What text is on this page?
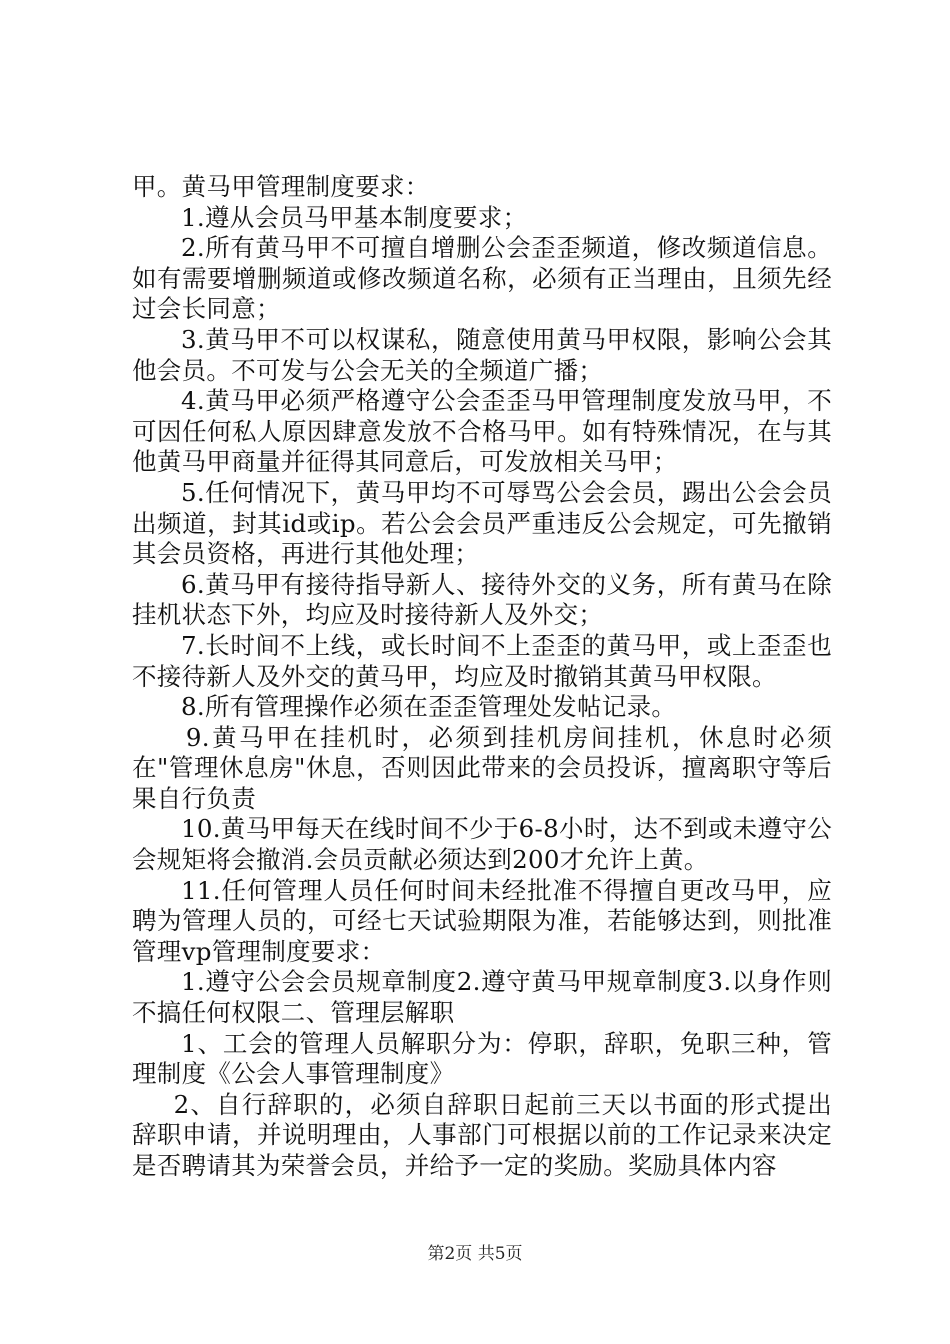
甲。黄马甲管理制度要求：

1.遵从会员马甲基本制度要求；

2.所有黄马甲不可擅自增删公会歪歪频道，修改频道信息。如有需要增删频道或修改频道名称，必须有正当理由，且须先经过会长同意；

3.黄马甲不可以权谋私，随意使用黄马甲权限，影响公会其他会员。不可发与公会无关的全频道广播；

4.黄马甲必须严格遵守公会歪歪马甲管理制度发放马甲，不可因任何私人原因肆意发放不合格马甲。如有特殊情况，在与其他黄马甲商量并征得其同意后，可发放相关马甲；

5.任何情况下，黄马甲均不可辱骂公会会员，踢出公会会员出频道，封其id或ip。若公会会员严重违反公会规定，可先撤销其会员资格，再进行其他处理；

6.黄马甲有接待指导新人、接待外交的义务，所有黄马在除挂机状态下外，均应及时接待新人及外交；

7.长时间不上线，或长时间不上歪歪的黄马甲，或上歪歪也不接待新人及外交的黄马甲，均应及时撤销其黄马甲权限。

8.所有管理操作必须在歪歪管理处发帖记录。

9.黄马甲在挂机时，必须到挂机房间挂机，休息时必须在"管理休息房"休息，否则因此带来的会员投诉，擅离职守等后果自行负责

10.黄马甲每天在线时间不少于6-8小时，达不到或未遵守公会规矩将会撤消.会员贡献必须达到200才允许上黄。

11.任何管理人员任何时间未经批准不得擅自更改马甲，应聘为管理人员的，可经七天试验期限为准，若能够达到，则批准管理vp管理制度要求：

1.遵守公会会员规章制度2.遵守黄马甲规章制度3.以身作则不搞任何权限二、管理层解职

1、工会的管理人员解职分为：停职，辞职，免职三种，管理制度《公会人事管理制度》

2、自行辞职的，必须自辞职日起前三天以书面的形式提出辞职申请，并说明理由，人事部门可根据以前的工作记录来决定是否聘请其为荣誉会员，并给予一定的奖励。奖励具体内容

第2页 共5页
